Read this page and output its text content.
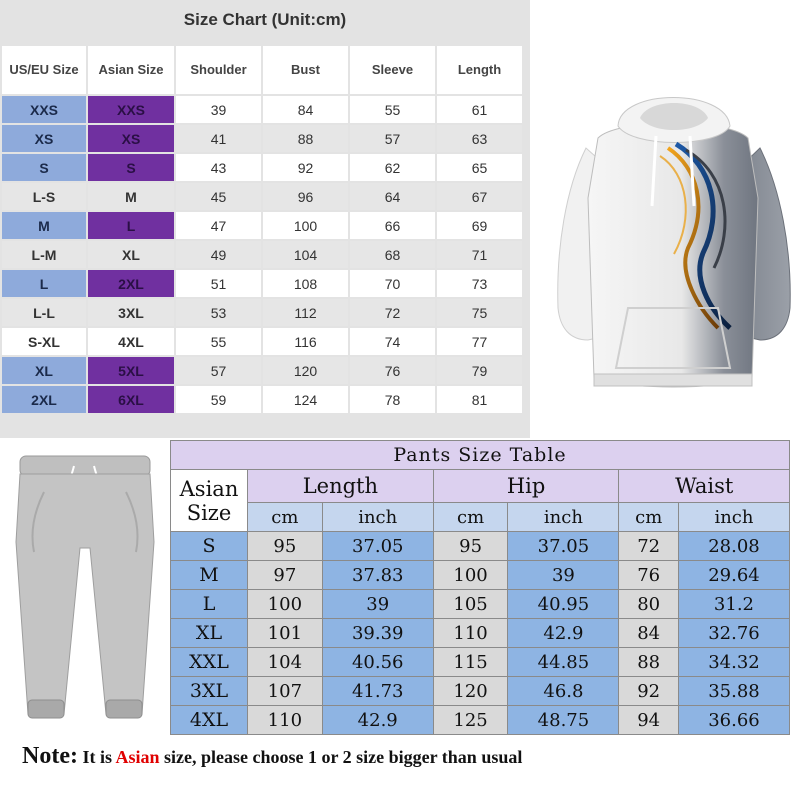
Size Chart (Unit:cm)
US/EU Size	Asian Size	Shoulder	Bust	Sleeve	Length
XXS	XXS	39	84	55	61
XS	XS	41	88	57	63
S	S	43	92	62	65
L-S	M	45	96	64	67
M	L	47	100	66	69
L-M	XL	49	104	68	71
L	2XL	51	108	70	73
L-L	3XL	53	112	72	75
S-XL	4XL	55	116	74	77
XL	5XL	57	120	76	79
2XL	6XL	59	124	78	81
Pants Size Table						

Asian
Size	Length		Hip		Waist	
	cm	inch	cm	inch	cm	inch
S	95	37.05	95	37.05	72	28.08
M	97	37.83	100	39	76	29.64
L	100	39	105	40.95	80	31.2
XL	101	39.39	110	42.9	84	32.76
XXL	104	40.56	115	44.85	88	34.32
3XL	107	41.73	120	46.8	92	35.88
4XL	110	42.9	125	48.75	94	36.66
Note: It is Asian size, please choose 1 or 2 size bigger than usual
